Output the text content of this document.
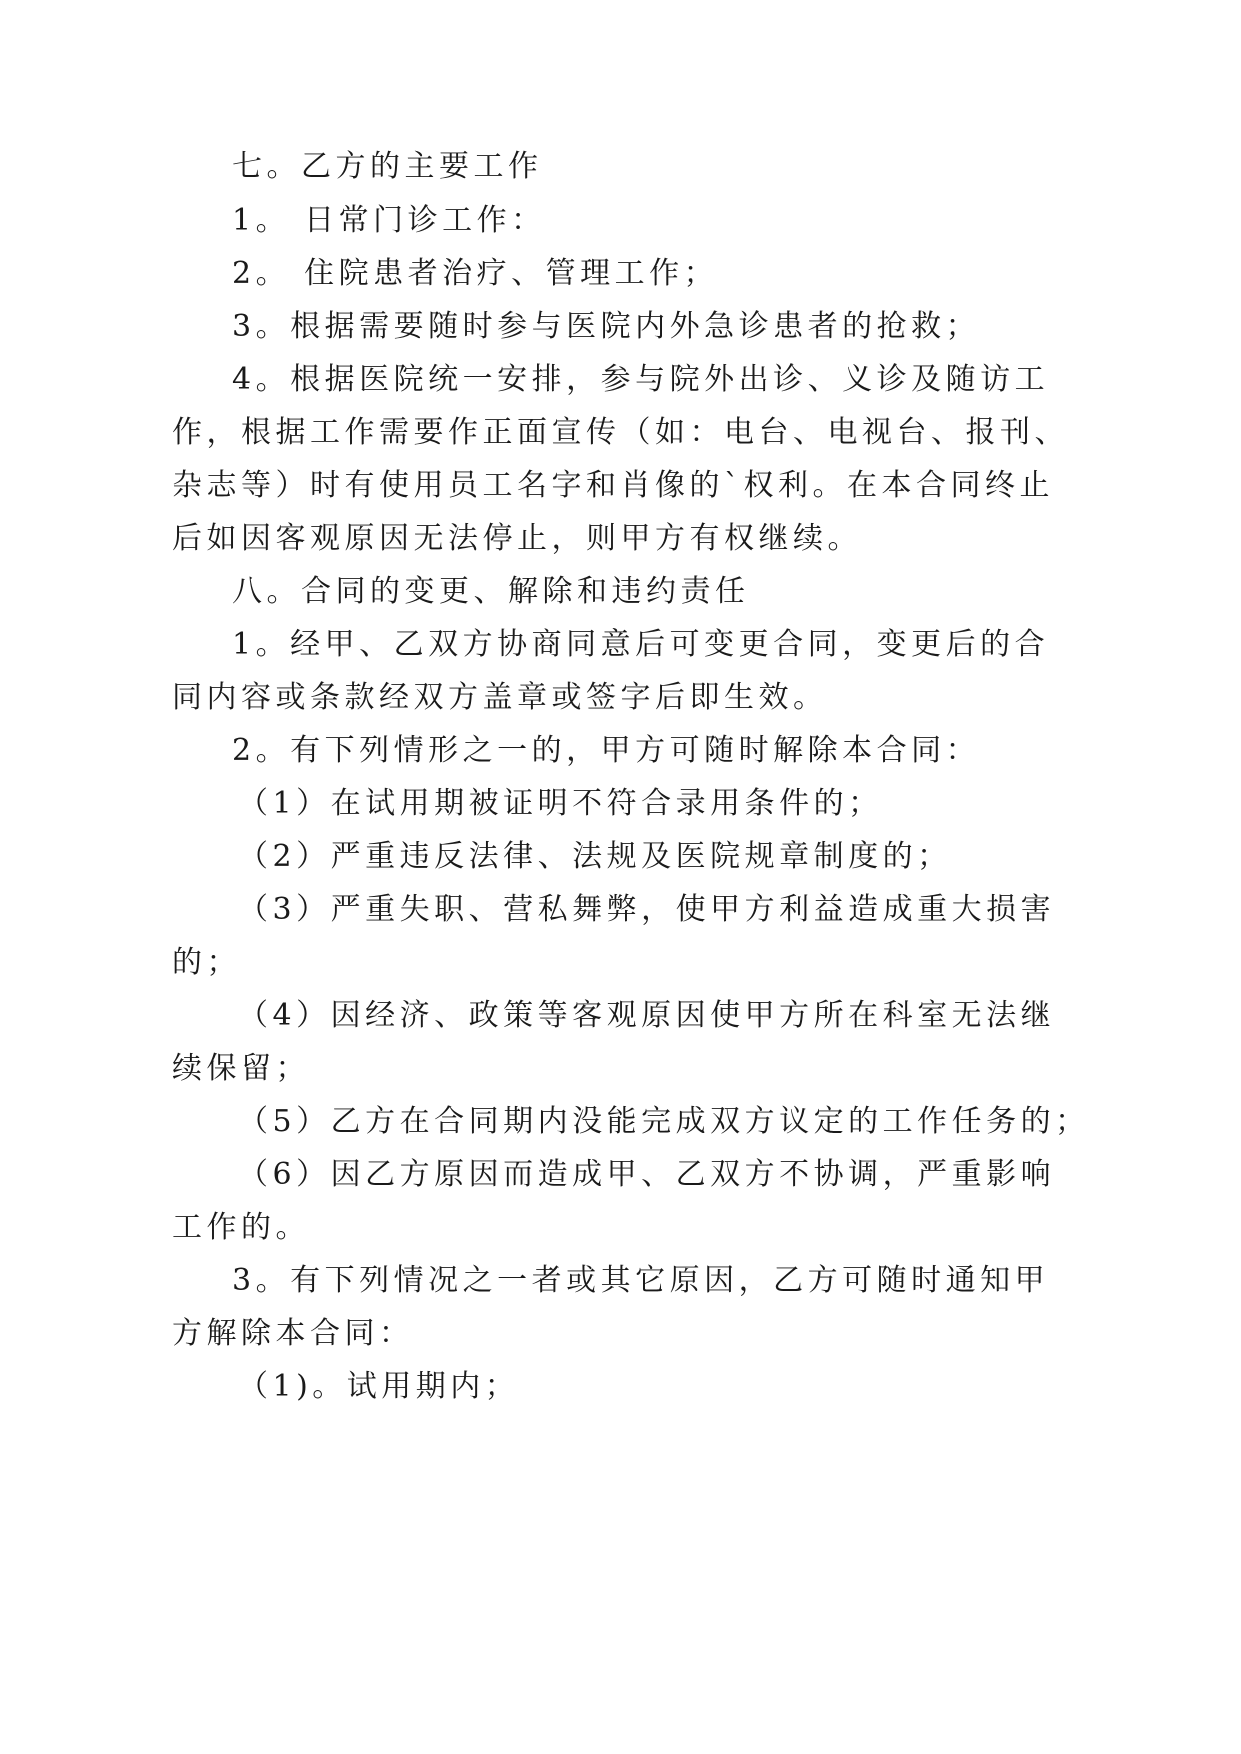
七。乙方的主要工作
1。 日常门诊工作：
2。 住院患者治疗、管理工作；
3。根据需要随时参与医院内外急诊患者的抢救；
4。根据医院统一安排，参与院外出诊、义诊及随访工
作，根据工作需要作正面宣传（如：电台、电视台、报刊、
杂志等）时有使用员工名字和肖像的`权利。在本合同终止
后如因客观原因无法停止，则甲方有权继续。
八。合同的变更、解除和违约责任
1。经甲、乙双方协商同意后可变更合同，变更后的合
同内容或条款经双方盖章或签字后即生效。
2。有下列情形之一的，甲方可随时解除本合同：
（1）在试用期被证明不符合录用条件的；
（2）严重违反法律、法规及医院规章制度的；
（3）严重失职、营私舞弊，使甲方利益造成重大损害
的；
（4）因经济、政策等客观原因使甲方所在科室无法继
续保留；
（5）乙方在合同期内没能完成双方议定的工作任务的；
（6）因乙方原因而造成甲、乙双方不协调，严重影响
工作的。
3。有下列情况之一者或其它原因，乙方可随时通知甲
方解除本合同：
（1)。试用期内；
